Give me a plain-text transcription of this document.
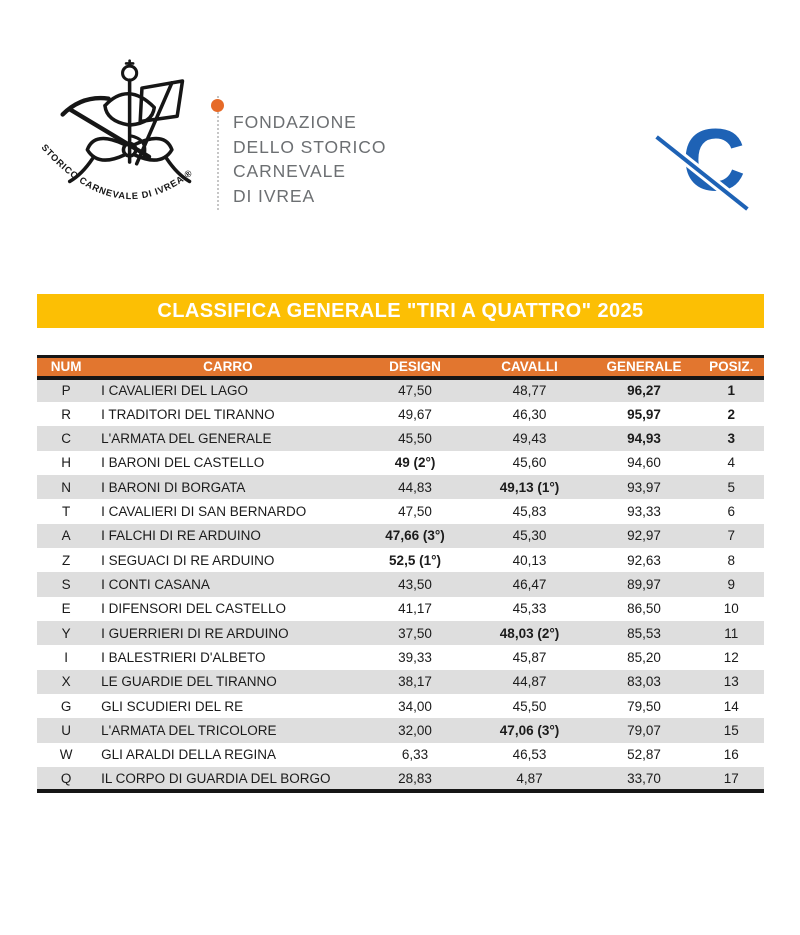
STORICO CARNEVALE DI IVREA ®
FONDAZIONE
DELLO STORICO
CARNEVALE
DI IVREA	C
CLASSIFICA GENERALE "TIRI A QUATTRO" 2025
NUM	CARRO	DESIGN	CAVALLI	GENERALE	POSIZ.
P	I CAVALIERI DEL LAGO	47,50	48,77	96,27	1
R	I TRADITORI DEL TIRANNO	49,67	46,30	95,97	2
C	L'ARMATA DEL GENERALE	45,50	49,43	94,93	3
H	I BARONI DEL CASTELLO	49 (2°)	45,60	94,60	4
N	I BARONI DI BORGATA	44,83	49,13 (1°)	93,97	5
T	I CAVALIERI DI SAN BERNARDO	47,50	45,83	93,33	6
A	I FALCHI DI RE ARDUINO	47,66 (3°)	45,30	92,97	7
Z	I SEGUACI DI RE ARDUINO	52,5 (1°)	40,13	92,63	8
S	I CONTI CASANA	43,50	46,47	89,97	9
E	I DIFENSORI DEL CASTELLO	41,17	45,33	86,50	10
Y	I GUERRIERI DI RE ARDUINO	37,50	48,03 (2°)	85,53	11
I	I BALESTRIERI D'ALBETO	39,33	45,87	85,20	12
X	LE GUARDIE DEL TIRANNO	38,17	44,87	83,03	13
G	GLI SCUDIERI DEL RE	34,00	45,50	79,50	14
U	L'ARMATA DEL TRICOLORE	32,00	47,06 (3°)	79,07	15
W	GLI ARALDI DELLA REGINA	6,33	46,53	52,87	16
Q	IL CORPO DI GUARDIA DEL BORGO	28,83	4,87	33,70	17
